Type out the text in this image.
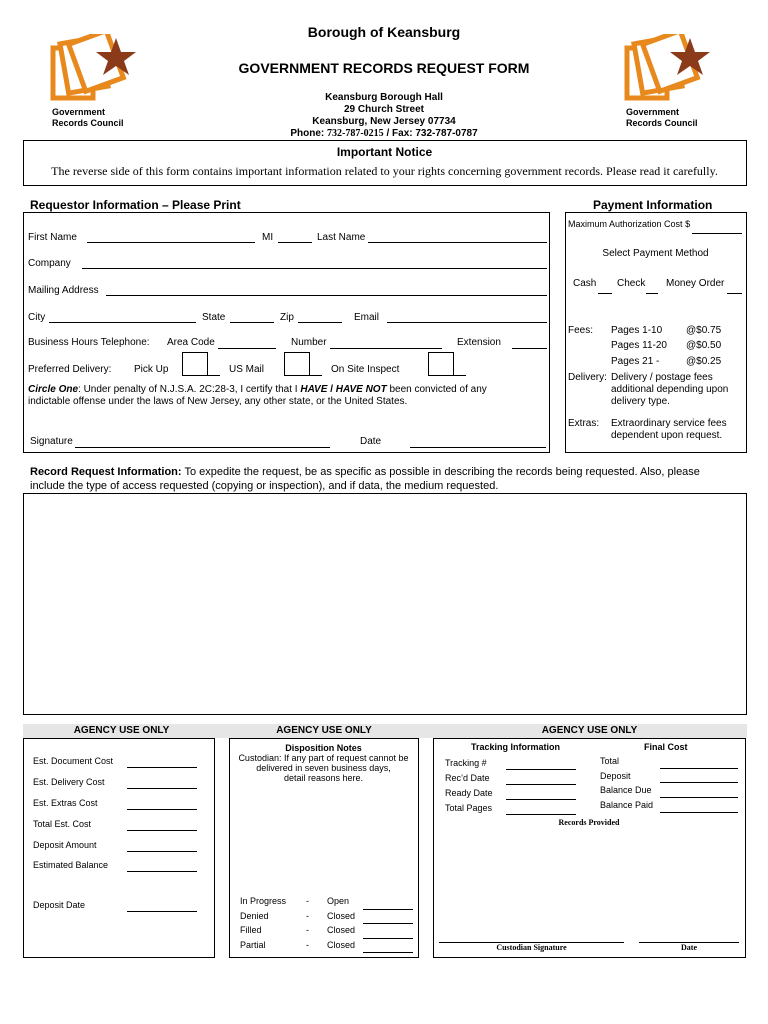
Government
Records Council
Government
Records Council
Borough of Keansburg
GOVERNMENT RECORDS REQUEST FORM
Keansburg Borough Hall
29 Church Street
Keansburg, New Jersey 07734
Phone: 732-787-0215 / Fax: 732-787-0787
Important Notice
The reverse side of this form contains important information related to your rights concerning government records. Please read it carefully.
Requestor Information – Please Print	Payment Information
First Name	MI	Last Name
Company
Mailing Address
City	State	Zip	Email
Business Hours Telephone: Area Code	Number	Extension
Preferred Delivery: Pick Up	US Mail	On Site Inspect
Circle One: Under penalty of N.J.S.A. 2C:28-3, I certify that I HAVE / HAVE NOT been convicted of any
indictable offense under the laws of New Jersey, any other state, or the United States.
Signature	Date
Maximum Authorization Cost $
Select Payment Method
Cash Check Money Order
Fees: Pages 1-10 @$0.75
Pages 11-20 @$0.50
Pages 21 -	@$0.25
Delivery: Delivery / postage fees
additional depending upon
delivery type.
Extras: Extraordinary service fees
dependent upon request.
Record Request Information: To expedite the request, be as specific as possible in describing the records being requested. Also, please
include the type of access requested (copying or inspection), and if data, the medium requested.
AGENCY USE ONLY	AGENCY USE ONLY	AGENCY USE ONLY
Est. Document Cost
Est. Delivery Cost
Est. Extras Cost
Total Est. Cost
Deposit Amount
Estimated Balance
Deposit Date
Disposition Notes
Custodian: If any part of request cannot be
delivered in seven business days,
detail reasons here.
In Progress - Open
Denied	- Closed
Filled	- Closed
Partial	- Closed
Tracking Information	Final Cost
Tracking #
Rec’d Date
Ready Date
Total Pages
Total
Deposit
Balance Due
Balance Paid
Records Provided
Custodian Signature	Date
